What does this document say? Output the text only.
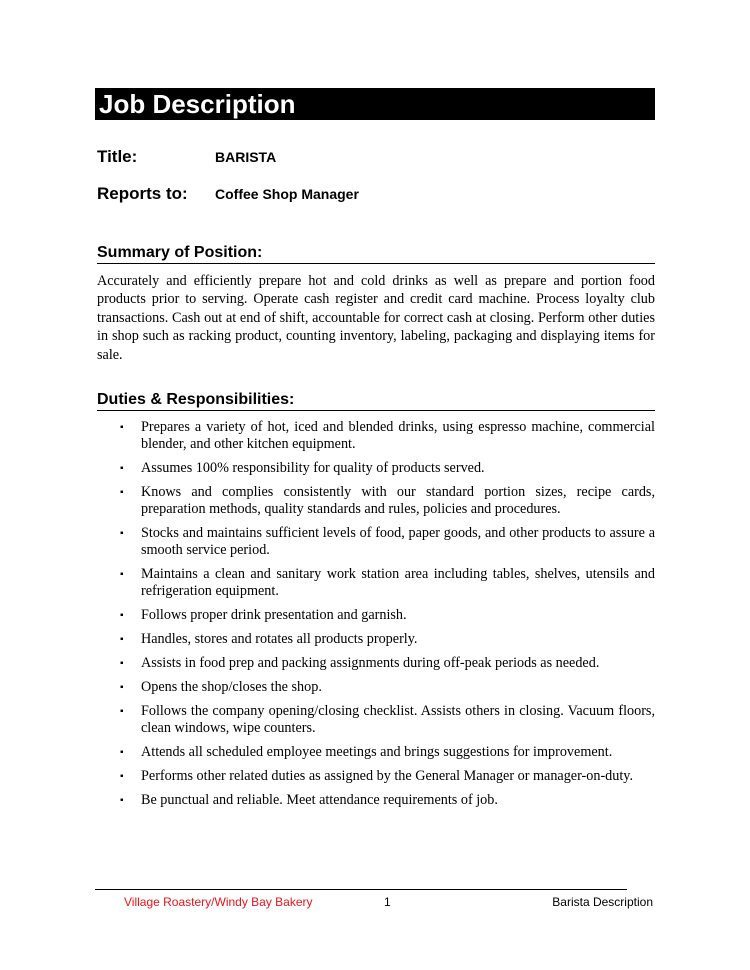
Job Description
Title:	BARISTA
Reports to: Coffee Shop Manager
Summary of Position:

Accurately and efficiently prepare hot and cold drinks as well as prepare and portion food products prior to serving. Operate cash register and credit card machine. Process loyalty club transactions. Cash out at end of shift, accountable for correct cash at closing. Perform other duties in shop such as racking product, counting inventory, labeling, packaging and displaying items for sale.

Duties & Responsibilities:
▪ Prepares a variety of hot, iced and blended drinks, using espresso machine, commercial blender, and other kitchen equipment.
▪ Assumes 100% responsibility for quality of products served.
▪ Knows and complies consistently with our standard portion sizes, recipe cards, preparation methods, quality standards and rules, policies and procedures.
▪ Stocks and maintains sufficient levels of food, paper goods, and other products to assure a smooth service period.
▪ Maintains a clean and sanitary work station area including tables, shelves, utensils and refrigeration equipment.
▪ Follows proper drink presentation and garnish.
▪ Handles, stores and rotates all products properly.
▪ Assists in food prep and packing assignments during off-peak periods as needed.
▪ Opens the shop/closes the shop.
▪ Follows the company opening/closing checklist. Assists others in closing. Vacuum floors, clean windows, wipe counters.
▪ Attends all scheduled employee meetings and brings suggestions for improvement.
▪ Performs other related duties as assigned by the General Manager or manager-on-duty.
▪ Be punctual and reliable. Meet attendance requirements of job.
Village Roastery/Windy Bay Bakery	1	Barista Description
